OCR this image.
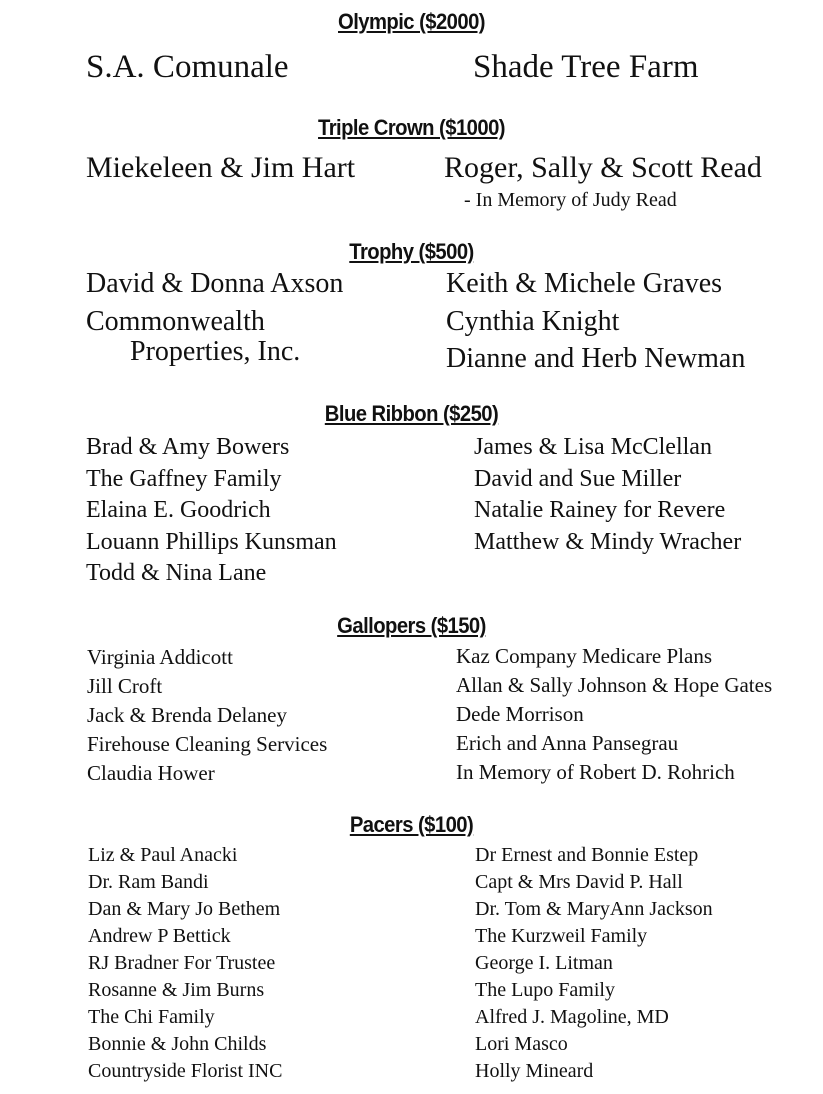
Olympic ($2000)
S.A. Comunale	Shade Tree Farm
Triple Crown ($1000)
Miekeleen & Jim Hart	Roger, Sally & Scott Read
- In Memory of Judy Read
Trophy ($500)
David & Donna Axson
Commonwealth
Properties, Inc.
Keith & Michele Graves
Cynthia Knight
Dianne and Herb Newman
Blue Ribbon ($250)
Brad & Amy Bowers
The Gaffney Family
Elaina E. Goodrich
Louann Phillips Kunsman
Todd & Nina Lane
James & Lisa McClellan
David and Sue Miller
Natalie Rainey for Revere
Matthew & Mindy Wracher
Gallopers ($150)
Virginia Addicott
Jill Croft
Jack & Brenda Delaney
Firehouse Cleaning Services
Claudia Hower
Kaz Company Medicare Plans
Allan & Sally Johnson & Hope Gates
Dede Morrison
Erich and Anna Pansegrau
In Memory of Robert D. Rohrich
Pacers ($100)
Liz & Paul Anacki
Dr. Ram Bandi
Dan & Mary Jo Bethem
Andrew P Bettick
RJ Bradner For Trustee
Rosanne & Jim Burns
The Chi Family
Bonnie & John Childs
Countryside Florist INC
Dr Ernest and Bonnie Estep
Capt & Mrs David P. Hall
Dr. Tom & MaryAnn Jackson
The Kurzweil Family
George I. Litman
The Lupo Family
Alfred J. Magoline, MD
Lori Masco
Holly Mineard
